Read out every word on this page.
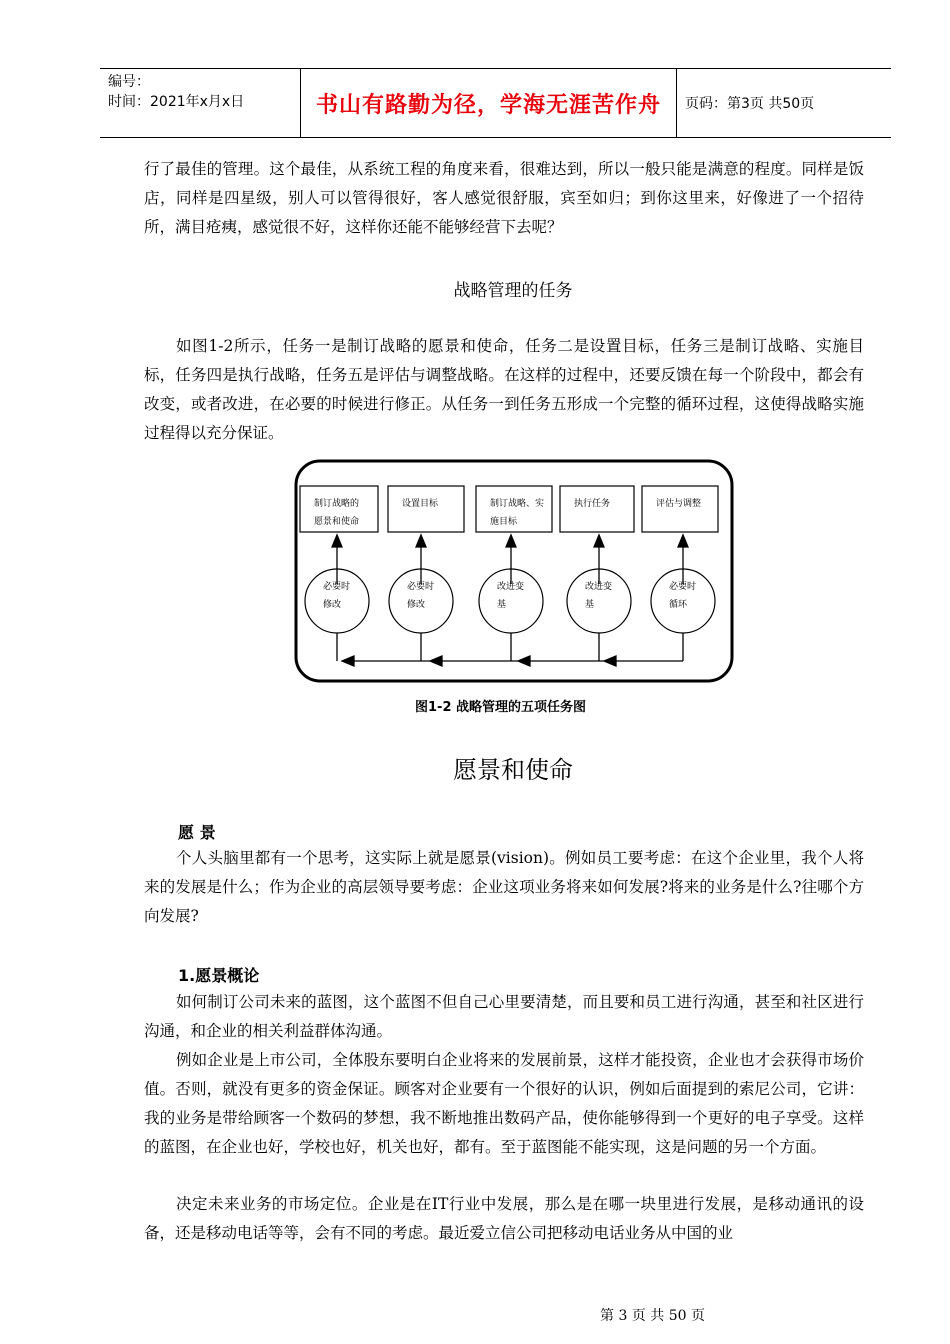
编号：
时间：2021年x月x日	书山有路勤为径，学海无涯苦作舟	页码：第3页 共50页

行了最佳的管理。这个最佳，从系统工程的角度来看，很难达到，所以一般只能是满意的程度。同样是饭店，同样是四星级，别人可以管得很好，客人感觉很舒服，宾至如归；到你这里来，好像进了一个招待所，满目疮痍，感觉很不好，这样你还能不能够经营下去呢？

战略管理的任务

如图1-2所示，任务一是制订战略的愿景和使命，任务二是设置目标，任务三是制订战略、实施目标，任务四是执行战略，任务五是评估与调整战略。在这样的过程中，还要反馈在每一个阶段中，都会有改变，或者改进，在必要的时候进行修正。从任务一到任务五形成一个完整的循环过程，这使得战略实施过程得以充分保证。

制订战略的
愿景和使命
设置目标	制订战略、实
施目标
执行任务	评估与调整
必要时
修改
必要时
修改
改进变
基
改进变
基
必要时
循环
图1-2 战略管理的五项任务图
愿景和使命
愿 景

个人头脑里都有一个思考，这实际上就是愿景(vision)。例如员工要考虑：在这个企业里，我个人将来的发展是什么；作为企业的高层领导要考虑：企业这项业务将来如何发展?将来的业务是什么?往哪个方向发展?

1.愿景概论

如何制订公司未来的蓝图，这个蓝图不但自己心里要清楚，而且要和员工进行沟通，甚至和社区进行沟通，和企业的相关利益群体沟通。

例如企业是上市公司，全体股东要明白企业将来的发展前景，这样才能投资，企业也才会获得市场价值。否则，就没有更多的资金保证。顾客对企业要有一个很好的认识，例如后面提到的索尼公司，它讲：我的业务是带给顾客一个数码的梦想，我不断地推出数码产品，使你能够得到一个更好的电子享受。这样的蓝图，在企业也好，学校也好，机关也好，都有。至于蓝图能不能实现，这是问题的另一个方面。

决定未来业务的市场定位。企业是在IT行业中发展，那么是在哪一块里进行发展，是移动通讯的设备，还是移动电话等等，会有不同的考虑。最近爱立信公司把移动电话业务从中国的业

第 3 页 共 50 页
